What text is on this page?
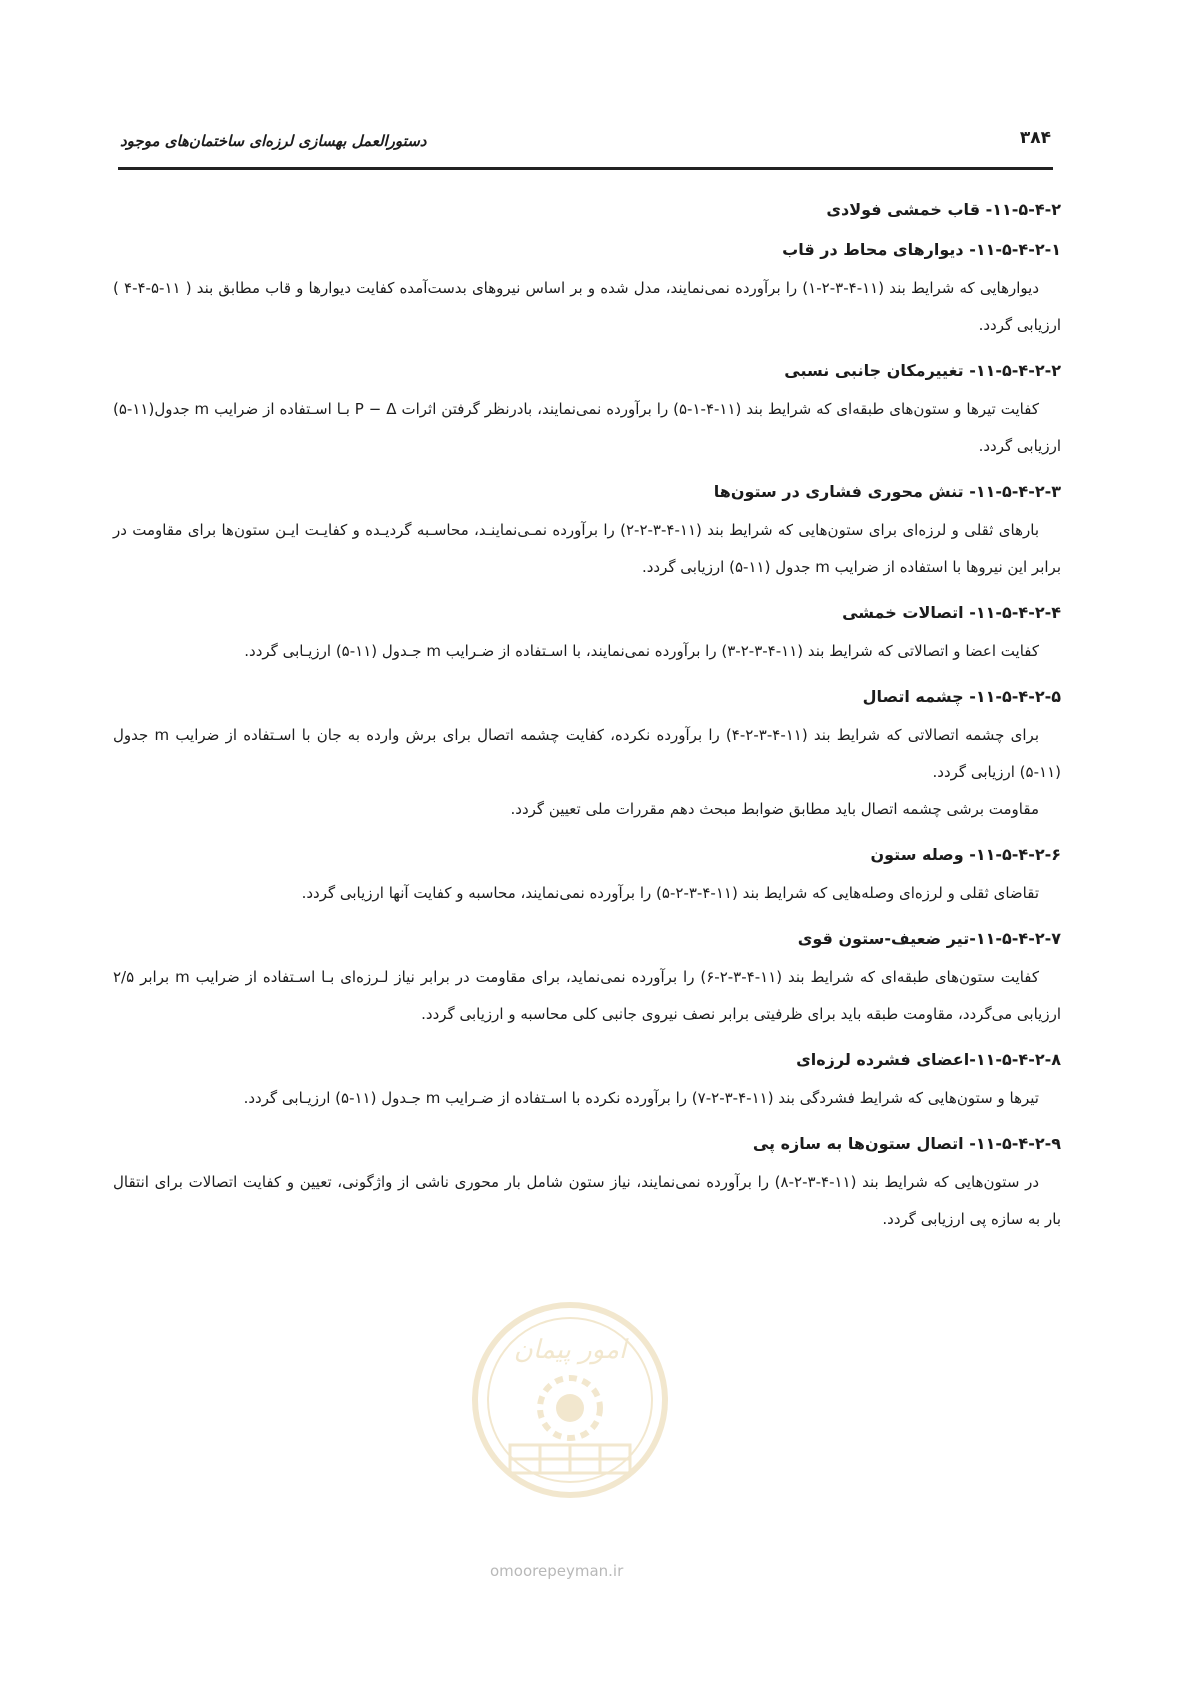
۳۸۴
دستورالعمل بهسازی لرزه‌ای ساختمان‌های موجود
۱۱-۵-۴-۲- قاب خمشی فولادی
۱۱-۵-۴-۲-۱- دیوارهای محاط در قاب

دیوارهایی که شرایط بند (۱۱-۴-۳-۲-۱) را برآورده نمی‌نمایند، مدل شده و بر اساس نیروهای بدست‌آمده کفایت دیوارها و قاب مطابق بند ( ۱۱-۵-۴-۴ ) ارزیابی گردد.

۱۱-۵-۴-۲-۲- تغییرمکان جانبی نسبی

کفایت تیرها و ستون‌های طبقه‌ای که شرایط بند (۱۱-۴-۱-۵) را برآورده نمی‌نمایند، بادرنظر گرفتن اثرات P − Δ بـا اسـتفاده از ضرایب m جدول(۱۱-۵) ارزیابی گردد.

۱۱-۵-۴-۲-۳- تنش محوری فشاری در ستون‌ها

بارهای ثقلی و لرزه‌ای برای ستون‌هایی که شرایط بند (۱۱-۴-۳-۲-۲) را برآورده نمـی‌نماینـد، محاسـبه گردیـده و کفایـت ایـن ستون‌ها برای مقاومت در برابر این نیروها با استفاده از ضرایب m جدول (۱۱-۵) ارزیابی گردد.

۱۱-۵-۴-۲-۴- اتصالات خمشی

کفایت اعضا و اتصالاتی که شرایط بند (۱۱-۴-۳-۲-۳) را برآورده نمی‌نمایند، با اسـتفاده از ضـرایب m جـدول (۱۱-۵) ارزیـابی گردد.

۱۱-۵-۴-۲-۵- چشمه اتصال

برای چشمه اتصالاتی که شرایط بند (۱۱-۴-۳-۲-۴) را برآورده نکرده، کفایت چشمه اتصال برای برش وارده به جان با اسـتفاده از ضرایب m جدول (۱۱-۵) ارزیابی گردد.

مقاومت برشی چشمه اتصال باید مطابق ضوابط مبحث دهم مقررات ملی تعیین گردد.

۱۱-۵-۴-۲-۶- وصله ستون

تقاضای ثقلی و لرزه‌ای وصله‌هایی که شرایط بند (۱۱-۴-۳-۲-۵) را برآورده نمی‌نمایند، محاسبه و کفایت آنها ارزیابی گردد.

۱۱-۵-۴-۲-۷-تیر ضعیف-ستون قوی

کفایت ستون‌های طبقه‌ای که شرایط بند (۱۱-۴-۳-۲-۶) را برآورده نمی‌نماید، برای مقاومت در برابر نیاز لـرزه‌ای بـا اسـتفاده از ضرایب m برابر ۲/۵ ارزیابی می‌گردد، مقاومت طبقه باید برای ظرفیتی برابر نصف نیروی جانبی کلی محاسبه و ارزیابی گردد.

۱۱-۵-۴-۲-۸-اعضای فشرده لرزه‌ای

تیرها و ستون‌هایی که شرایط فشردگی بند (۱۱-۴-۳-۲-۷) را برآورده نکرده با اسـتفاده از ضـرایب m جـدول (۱۱-۵) ارزیـابی گردد.

۱۱-۵-۴-۲-۹- اتصال ستون‌ها به سازه پی

در ستون‌هایی که شرایط بند (۱۱-۴-۳-۲-۸) را برآورده نمی‌نمایند، نیاز ستون شامل بار محوری ناشی از واژگونی، تعیین و کفایت اتصالات برای انتقال بار به سازه پی ارزیابی گردد.

امور پیمان
omoorepeyman.ir
